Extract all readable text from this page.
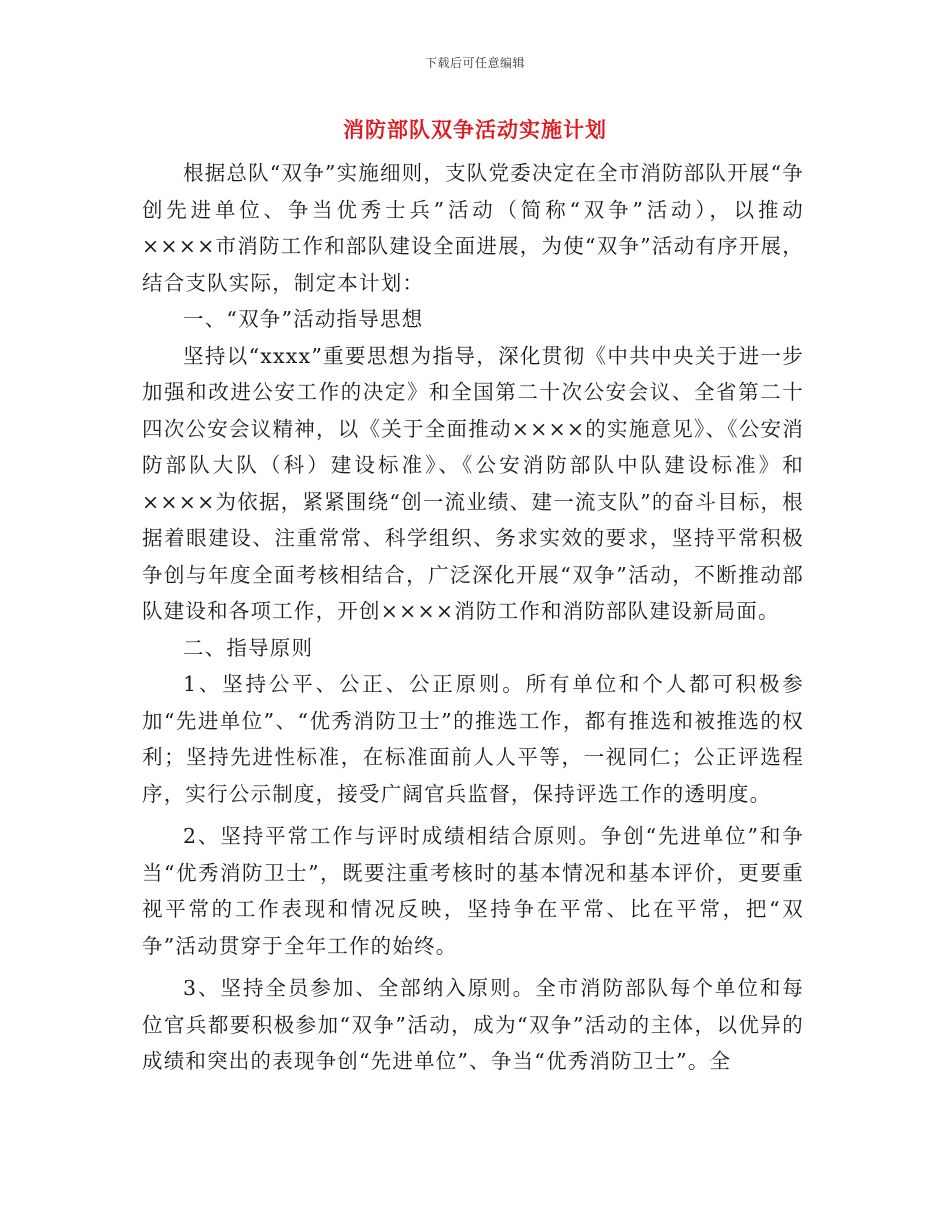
下载后可任意编辑
消防部队双争活动实施计划

根据总队“双争”实施细则，支队党委决定在全市消防部队开展“争创先进单位、争当优秀士兵”活动（简称“双争”活动），以推动××××市消防工作和部队建设全面进展，为使“双争”活动有序开展，结合支队实际，制定本计划：

一、“双争”活动指导思想

坚持以“xxxx”重要思想为指导，深化贯彻《中共中央关于进一步加强和改进公安工作的决定》和全国第二十次公安会议、全省第二十四次公安会议精神，以《关于全面推动××××的实施意见》、《公安消防部队大队（科）建设标准》、《公安消防部队中队建设标准》和××××为依据，紧紧围绕“创一流业绩、建一流支队”的奋斗目标，根据着眼建设、注重常常、科学组织、务求实效的要求，坚持平常积极争创与年度全面考核相结合，广泛深化开展“双争”活动，不断推动部队建设和各项工作，开创××××消防工作和消防部队建设新局面。

二、指导原则

1、坚持公平、公正、公正原则。所有单位和个人都可积极参加“先进单位”、“优秀消防卫士”的推选工作，都有推选和被推选的权利；坚持先进性标准，在标准面前人人平等，一视同仁；公正评选程序，实行公示制度，接受广阔官兵监督，保持评选工作的透明度。

2、坚持平常工作与评时成绩相结合原则。争创“先进单位”和争当“优秀消防卫士”，既要注重考核时的基本情况和基本评价，更要重视平常的工作表现和情况反映，坚持争在平常、比在平常，把“双争”活动贯穿于全年工作的始终。

3、坚持全员参加、全部纳入原则。全市消防部队每个单位和每位官兵都要积极参加“双争”活动，成为“双争”活动的主体，以优异的成绩和突出的表现争创“先进单位”、争当“优秀消防卫士”。全
